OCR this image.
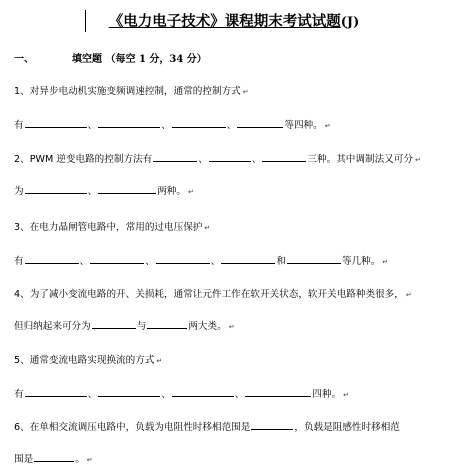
《电力电子技术》课程期末考试试题(J)
一、	填空题 （每空 1 分，34 分）
1、对异步电动机实施变频调速控制，通常的控制方式 ↵
有	、	、	、	等四种。 ↵
2、PWM 逆变电路的控制方法有	、	、	三种。其中调制法又可分 ↵
为	、	两种。 ↵
3、在电力晶闸管电路中，常用的过电压保护 ↵
有	、	、	、	和	等几种。 ↵
4、为了减小变流电路的开、关损耗，通常让元件工作在软开关状态，软开关电路种类很多， ↵
但归纳起来可分为	与	两大类。 ↵
5、通常变流电路实现换流的方式 ↵
有	、	、	、	四种。 ↵
6、在单相交流调压电路中，负载为电阻性时移相范围是	，负载是阻感性时移相范
围是	。 ↵
